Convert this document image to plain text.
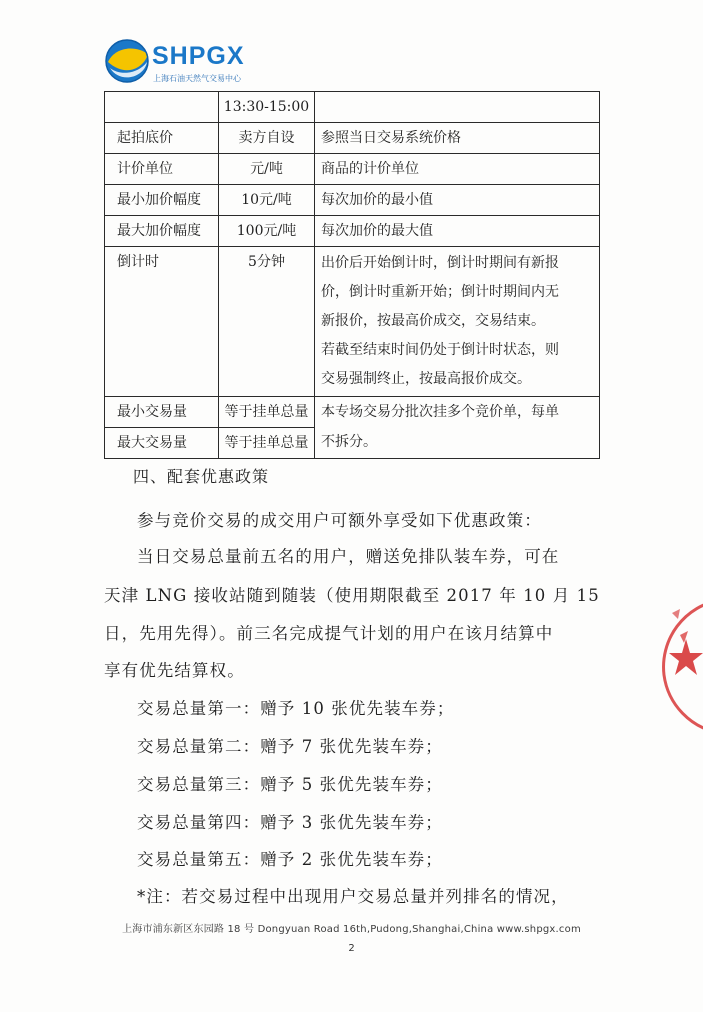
SHPGX
上海石油天然气交易中心
	13:30-15:00	
起拍底价	卖方自设	参照当日交易系统价格
计价单位	元/吨	商品的计价单位
最小加价幅度	10元/吨	每次加价的最小值
最大加价幅度	100元/吨	每次加价的最大值
倒计时	5分钟	出价后开始倒计时，倒计时期间有新报
价，倒计时重新开始；倒计时期间内无
新报价，按最高价成交，交易结束。
若截至结束时间仍处于倒计时状态，则
交易强制终止，按最高报价成交。

最小交易量	等于挂单总量	本专场交易分批次挂多个竞价单，每单
不拆分。

最大交易量	等于挂单总量	
四、配套优惠政策
参与竞价交易的成交用户可额外享受如下优惠政策：
当日交易总量前五名的用户，赠送免排队装车券，可在
天津 LNG 接收站随到随装（使用期限截至 2017 年 10 月 15
日，先用先得）。前三名完成提气计划的用户在该月结算中
享有优先结算权。
交易总量第一：赠予 10 张优先装车券；
交易总量第二：赠予 7 张优先装车券；
交易总量第三：赠予 5 张优先装车券；
交易总量第四：赠予 3 张优先装车券；
交易总量第五：赠予 2 张优先装车券；
*注：若交易过程中出现用户交易总量并列排名的情况，
上海市浦东新区东园路 18 号 Dongyuan Road 16th,Pudong,Shanghai,China www.shpgx.com
2
